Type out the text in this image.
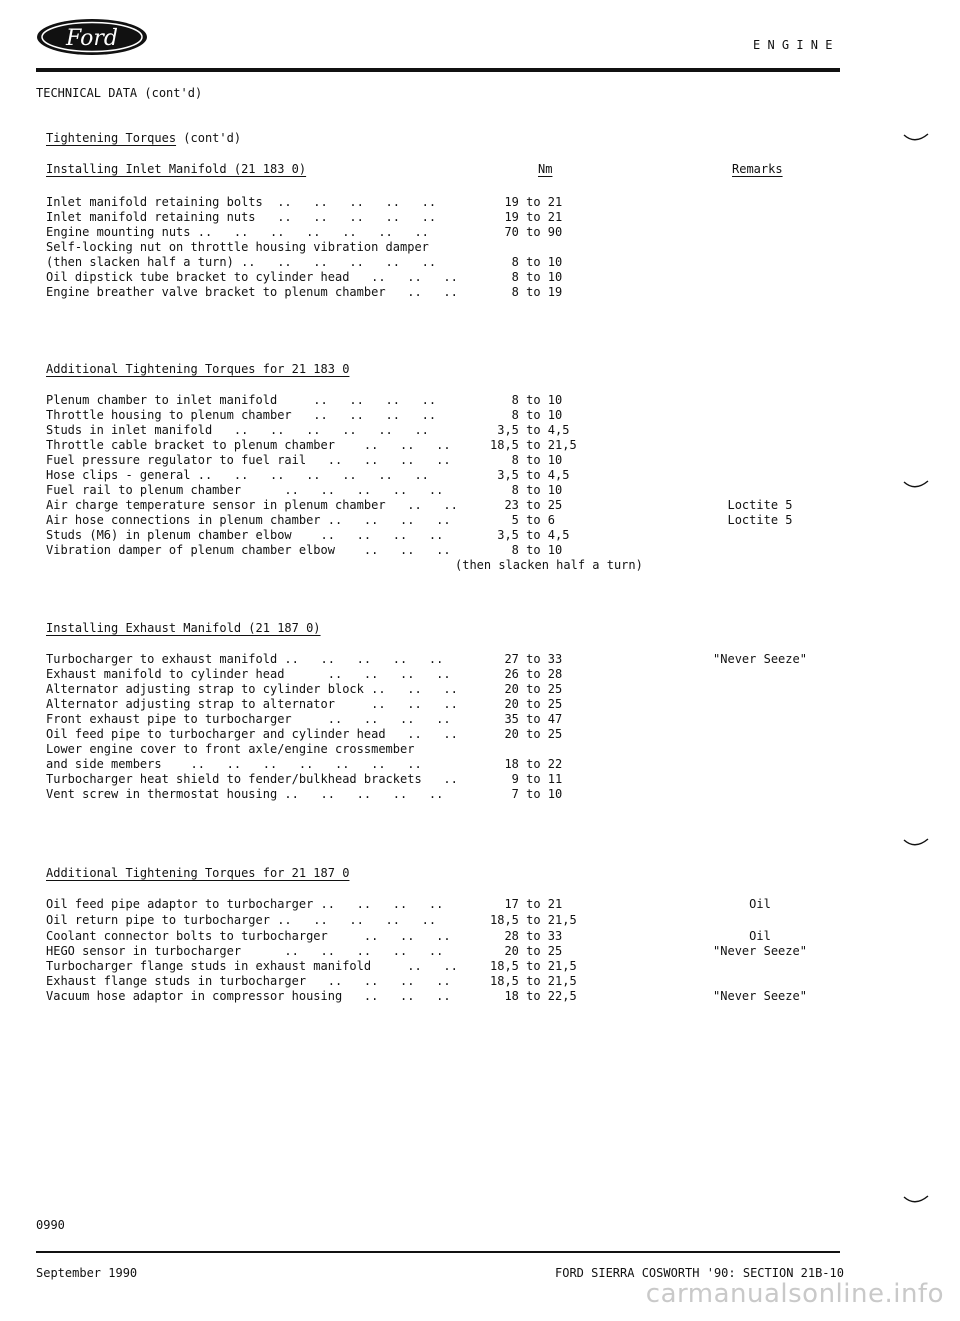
Ford	E N G I N E
TECHNICAL DATA (cont'd)
Tightening Torques (cont'd)
Nm	Remarks
Installing Inlet Manifold (21 183 0)
Inlet manifold retaining bolts  ..   ..   ..   ..   ..	19 to 21
Inlet manifold retaining nuts   ..   ..   ..   ..   ..	19 to 21
Engine mounting nuts ..   ..   ..   ..   ..   ..   ..	70 to 90
Self-locking nut on throttle housing vibration damper
(then slacken half a turn) ..   ..   ..   ..   ..   ..	8 to 10
Oil dipstick tube bracket to cylinder head   ..   ..   ..	8 to 10
Engine breather valve bracket to plenum chamber   ..   ..	8 to 19
Additional Tightening Torques for 21 183 0
Plenum chamber to inlet manifold     ..   ..   ..   ..	8 to 10
Throttle housing to plenum chamber   ..   ..   ..   ..	8 to 10
Studs in inlet manifold   ..   ..   ..   ..   ..   ..	3,5 to 4,5
Throttle cable bracket to plenum chamber    ..   ..   ..	18,5 to 21,5
Fuel pressure regulator to fuel rail   ..   ..   ..   ..	8 to 10
Hose clips - general ..   ..   ..   ..   ..   ..   ..	3,5 to 4,5
Fuel rail to plenum chamber      ..   ..   ..   ..   ..	8 to 10
Air charge temperature sensor in plenum chamber   ..   ..	23 to 25	Loctite 5
Air hose connections in plenum chamber ..   ..   ..   ..	5 to 6	Loctite 5
Studs (M6) in plenum chamber elbow    ..   ..   ..   ..	3,5 to 4,5
Vibration damper of plenum chamber elbow    ..   ..   ..	8 to 10
(then slacken half a turn)
Installing Exhaust Manifold (21 187 0)
Turbocharger to exhaust manifold ..   ..   ..   ..   ..	27 to 33	"Never Seeze"
Exhaust manifold to cylinder head      ..   ..   ..   ..	26 to 28
Alternator adjusting strap to cylinder block ..   ..   ..	20 to 25
Alternator adjusting strap to alternator     ..   ..   ..	20 to 25
Front exhaust pipe to turbocharger     ..   ..   ..   ..	35 to 47
Oil feed pipe to turbocharger and cylinder head   ..   ..	20 to 25
Lower engine cover to front axle/engine crossmember
and side members    ..   ..   ..   ..   ..   ..   ..	18 to 22
Turbocharger heat shield to fender/bulkhead brackets   ..	9 to 11
Vent screw in thermostat housing ..   ..   ..   ..   ..	7 to 10
Additional Tightening Torques for 21 187 0
Oil feed pipe adaptor to turbocharger ..   ..   ..   ..	17 to 21	Oil
Oil return pipe to turbocharger ..   ..   ..   ..   ..	18,5 to 21,5
Coolant connector bolts to turbocharger     ..   ..   ..	28 to 33	Oil
HEGO sensor in turbocharger      ..   ..   ..   ..   ..	20 to 25	"Never Seeze"
Turbocharger flange studs in exhaust manifold     ..   ..	18,5 to 21,5
Exhaust flange studs in turbocharger   ..   ..   ..   ..	18,5 to 21,5
Vacuum hose adaptor in compressor housing   ..   ..   ..	18 to 22,5	"Never Seeze"
0990
September 1990	FORD SIERRA COSWORTH '90: SECTION 21B-10
carmanualsonline.info
